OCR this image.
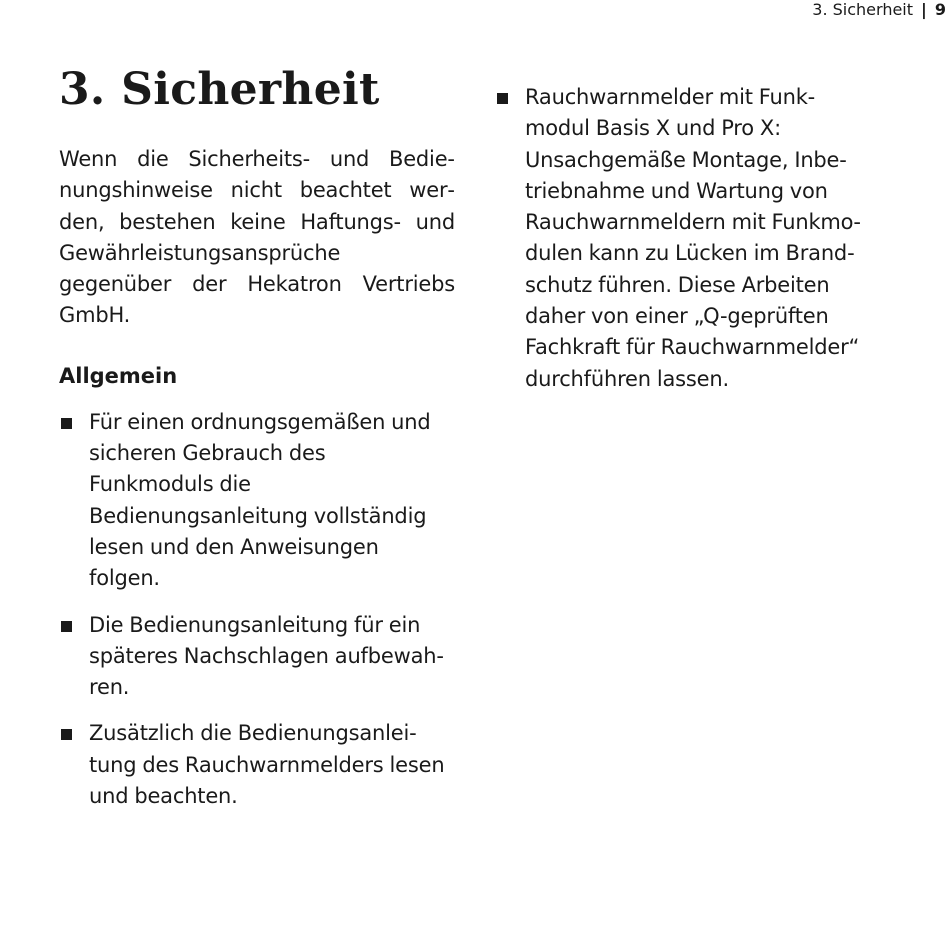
3. Sicherheit | 9
3. Sicherheit

Wenn die Sicherheits- und Bedienungshinweise nicht beachtet werden, bestehen keine Haftungs- und Gewährleistungsansprüche gegenüber der Hekatron Vertriebs GmbH.

Allgemein
Für einen ordnungsgemäßen und sicheren Gebrauch des Funkmoduls die Bedienungsanleitung vollständig lesen und den Anweisungen folgen.
Die Bedienungsanleitung für ein späteres Nachschlagen aufbewahren.
Zusätzlich die Bedienungsanleitung des Rauchwarnmelders lesen und beachten.
Rauchwarnmelder mit Funkmodul Basis X und Pro X: Unsachgemäße Montage, Inbetriebnahme und Wartung von Rauchwarnmeldern mit Funkmodulen kann zu Lücken im Brandschutz führen. Diese Arbeiten daher von einer „Q-geprüften Fachkraft für Rauchwarnmelder“ durchführen lassen.
